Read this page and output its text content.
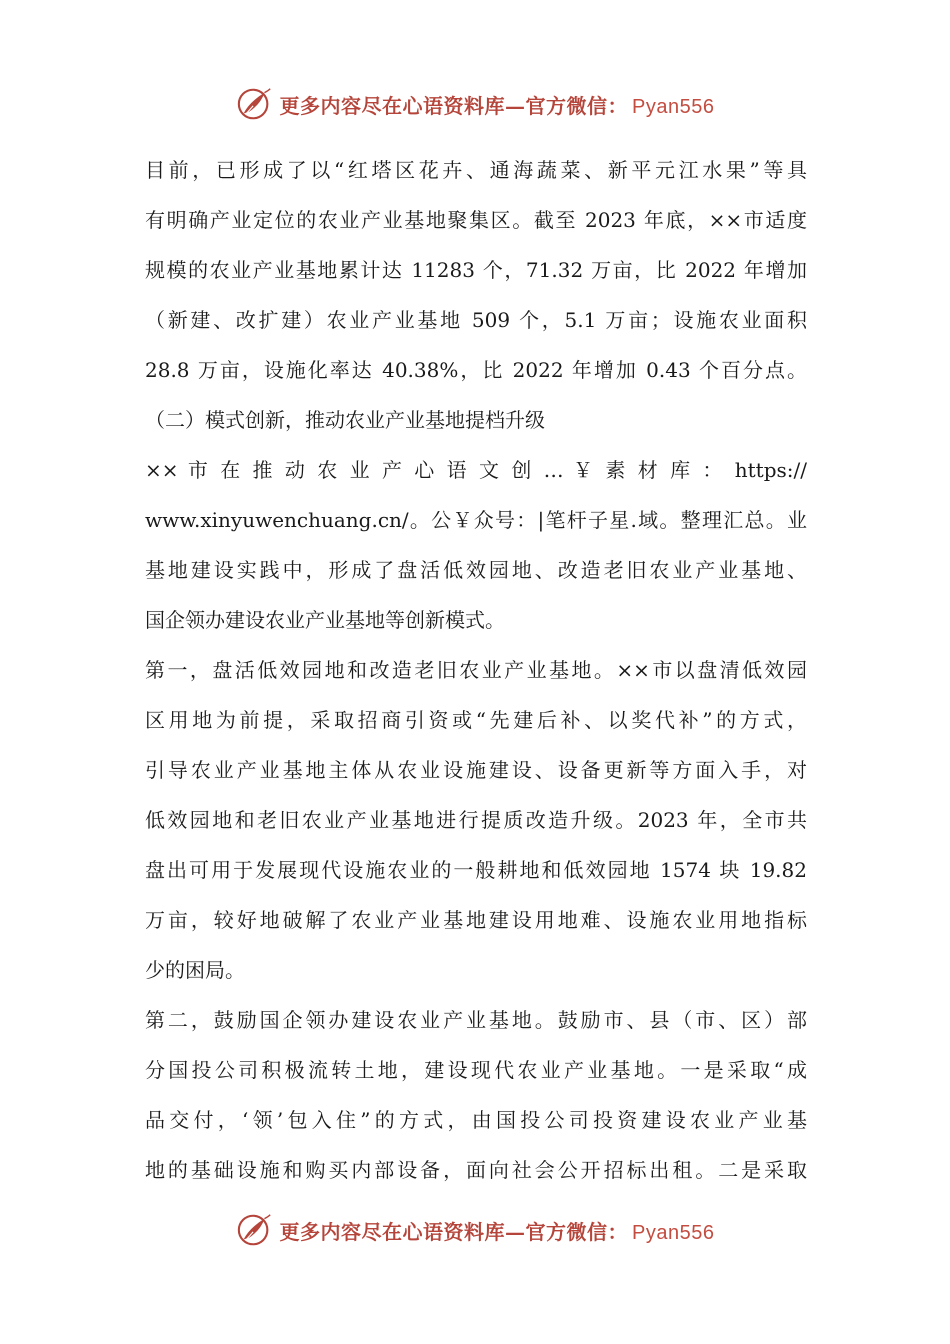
更多内容尽在心语资料库—官方微信： Pyan556
目前，已形成了以“红塔区花卉、通海蔬菜、新平元江水果”等具
有明确产业定位的农业产业基地聚集区。截至 2023 年底，××市适度
规模的农业产业基地累计达 11283 个，71.32 万亩，比 2022 年增加
（新建、改扩建）农业产业基地 509 个，5.1 万亩；设施农业面积
28.8 万亩，设施化率达 40.38%，比 2022 年增加 0.43 个百分点。
（二）模式创新，推动农业产业基地提档升级
×× 市 在 推 动 农 业 产 心 语 文 创 … ￥ 素 材 库 ： https://
www.xinyuwenchuang.cn/。公￥众号：|笔杆子星.域。整理汇总。业
基地建设实践中，形成了盘活低效园地、改造老旧农业产业基地、
国企领办建设农业产业基地等创新模式。
第一，盘活低效园地和改造老旧农业产业基地。××市以盘清低效园
区用地为前提，采取招商引资或“先建后补、以奖代补”的方式，
引导农业产业基地主体从农业设施建设、设备更新等方面入手，对
低效园地和老旧农业产业基地进行提质改造升级。2023 年，全市共
盘出可用于发展现代设施农业的一般耕地和低效园地 1574 块 19.82
万亩，较好地破解了农业产业基地建设用地难、设施农业用地指标
少的困局。
第二，鼓励国企领办建设农业产业基地。鼓励市、县（市、区）部
分国投公司积极流转土地，建设现代农业产业基地。一是采取“成
品交付，‘领’包入住”的方式，由国投公司投资建设农业产业基
地的基础设施和购买内部设备，面向社会公开招标出租。二是采取
更多内容尽在心语资料库—官方微信： Pyan556
